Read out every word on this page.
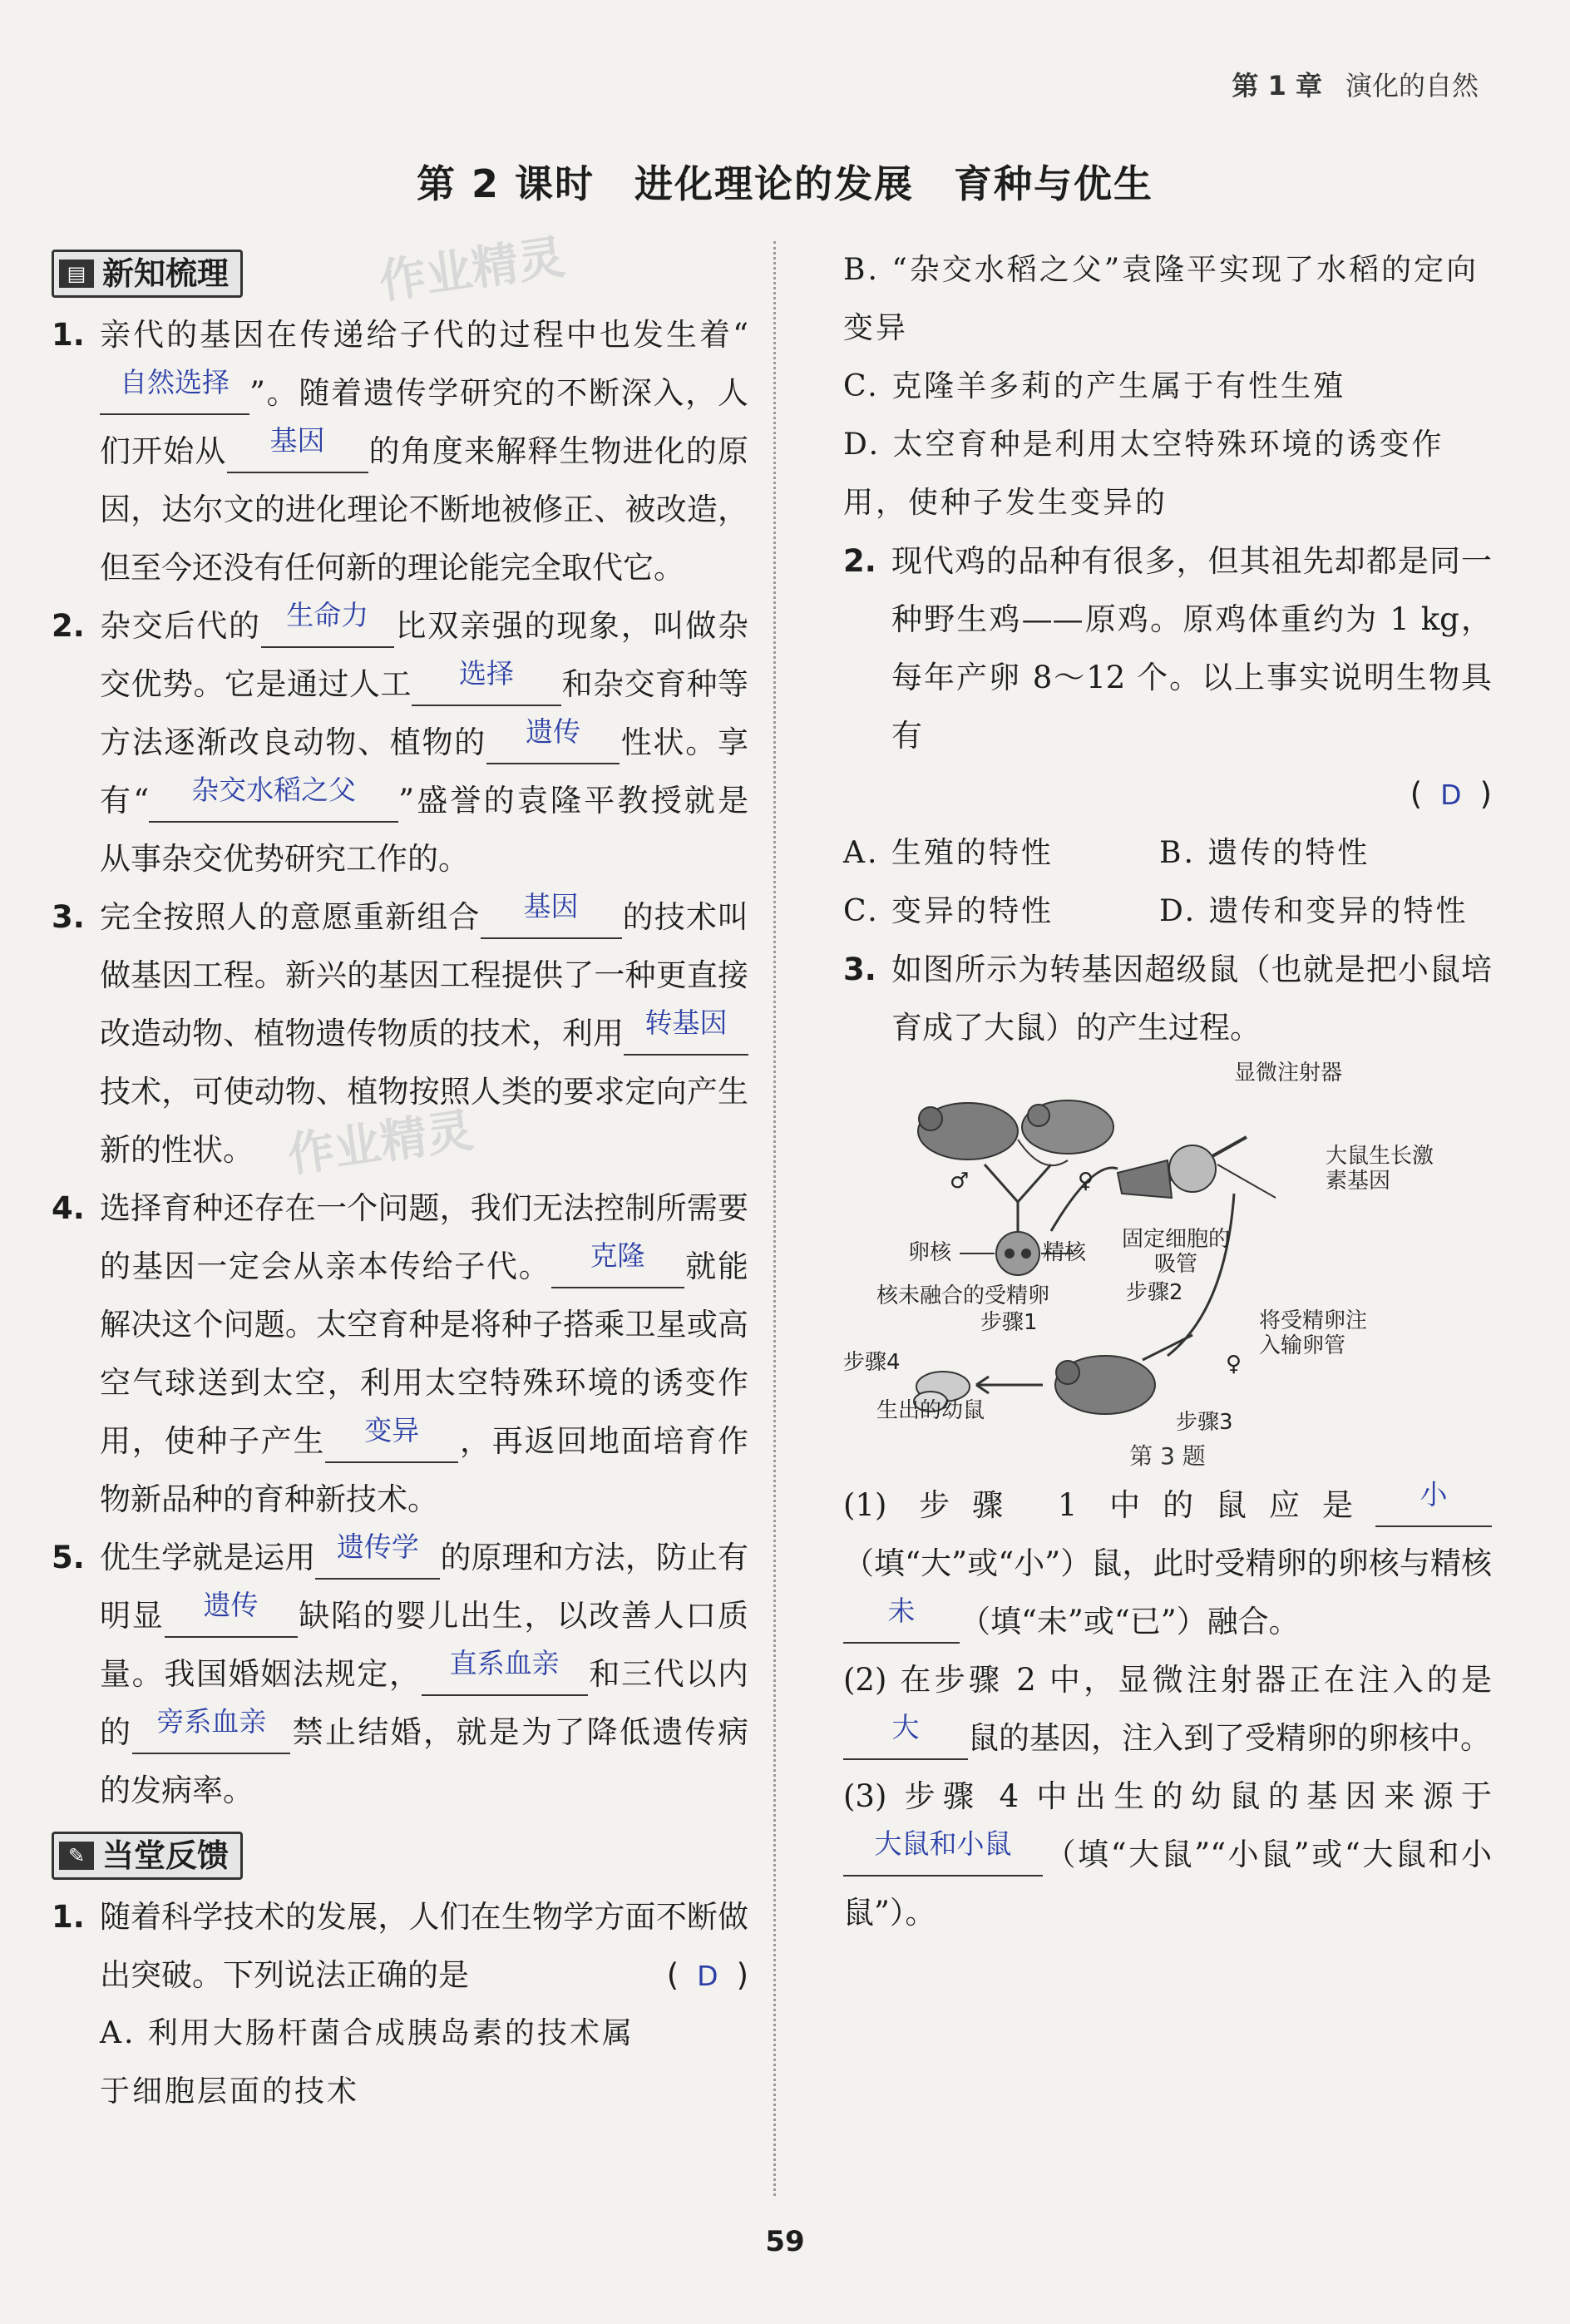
第 1 章 演化的自然
第 2 课时　进化理论的发展　育种与优生
作业精灵
作业精灵
▤ 新知梳理
1. 亲代的基因在传递给子代的过程中也发生着“自然选择 ”。随着遗传学研究的不断深入，人们开始从 基因 的角度来解释生物进化的原因，达尔文的进化理论不断地被修正、被改造，但至今还没有任何新的理论能完全取代它。
2. 杂交后代的 生命力 比双亲强的现象，叫做杂交优势。它是通过人工 选择 和杂交育种等方法逐渐改良动物、植物的 遗传 性状。享有“ 杂交水稻之父 ”盛誉的袁隆平教授就是从事杂交优势研究工作的。
3. 完全按照人的意愿重新组合 基因 的技术叫做基因工程。新兴的基因工程提供了一种更直接改造动物、植物遗传物质的技术，利用 转基因技术，可使动物、植物按照人类的要求定向产生新的性状。
4. 选择育种还存在一个问题，我们无法控制所需要的基因一定会从亲本传给子代。 克隆 就能解决这个问题。太空育种是将种子搭乘卫星或高空气球送到太空，利用太空特殊环境的诱变作用，使种子产生 变异 ，再返回地面培育作物新品种的育种新技术。
5. 优生学就是运用 遗传学 的原理和方法，防止有明显 遗传 缺陷的婴儿出生，以改善人口质量。我国婚姻法规定， 直系血亲 和三代以内的 旁系血亲 禁止结婚，就是为了降低遗传病的发病率。
✎ 当堂反馈
1. 随着科学技术的发展，人们在生物学方面不断做出突破。下列说法正确的是	( D )
A. 利用大肠杆菌合成胰岛素的技术属于细胞层面的技术
B. “杂交水稻之父”袁隆平实现了水稻的定向变异
C. 克隆羊多莉的产生属于有性生殖
D. 太空育种是利用太空特殊环境的诱变作用，使种子发生变异的
2. 现代鸡的品种有很多，但其祖先却都是同一种野生鸡——原鸡。原鸡体重约为 1 kg，每年产卵 8～12 个。以上事实说明生物具有
( D )
A. 生殖的特性	B. 遗传的特性
C. 变异的特性	D. 遗传和变异的特性
3. 如图所示为转基因超级鼠（也就是把小鼠培育成了大鼠）的产生过程。
显微注射器
大鼠生长激素基因
♂	♀
卵核	精核
核未融合的受精卵
步骤1
固定细胞的吸管
步骤2
将受精卵注入输卵管
♀
步骤3
步骤4
生出的幼鼠
第 3 题
(1) 步骤 1 中的鼠应是 小（填“大”或“小”）鼠，此时受精卵的卵核与精核未 （填“未”或“已”）融合。
(2) 在步骤 2 中，显微注射器正在注入的是大 鼠的基因，注入到了受精卵的卵核中。
(3) 步骤 4 中出生的幼鼠的基因来源于大鼠和小鼠 （填“大鼠”“小鼠”或“大鼠和小鼠”）。
59
